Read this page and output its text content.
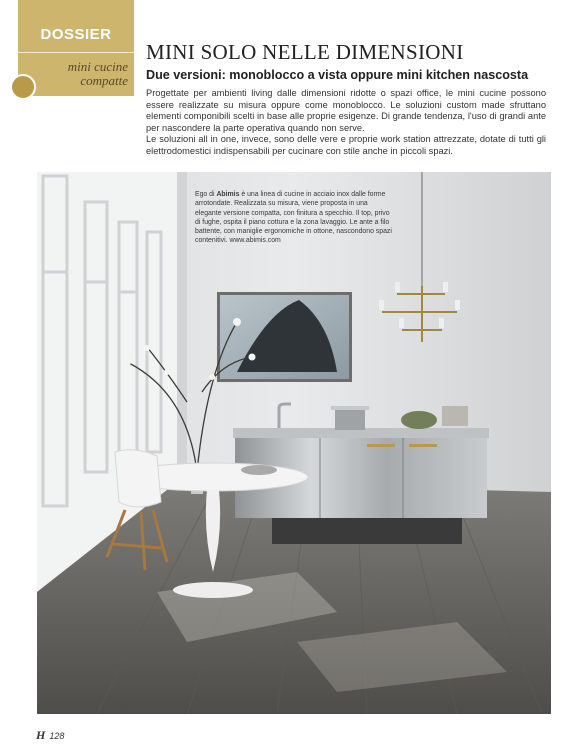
DOSSIER
mini cucine
compatte
MINI SOLO NELLE DIMENSIONI
Due versioni: monoblocco a vista oppure mini kitchen nascosta

Progettate per ambienti living dalle dimensioni ridotte o spazi office, le mini cucine possono essere realizzate su misura oppure come monoblocco. Le soluzioni custom made sfruttano elementi componibili scelti in base alle proprie esigenze. Di grande tendenza, l'uso di grandi ante per nascondere la parte operativa quando non serve.

Le soluzioni all in one, invece, sono delle vere e proprie work station attrezzate, dotate di tutti gli elettrodomestici indispensabili per cucinare con stile anche in piccoli spazi.

Ego di Abimis è una linea di cucine in acciaio inox dalle forme arrotondate. Realizzata su misura, viene proposta in una elegante versione compatta, con finitura a specchio. Il top, privo di fughe, ospita il piano cottura e la zona lavaggio. Le ante a filo battente, con maniglie ergonomiche in ottone, nascondono spazi contenitivi. www.abimis.com

H 128
